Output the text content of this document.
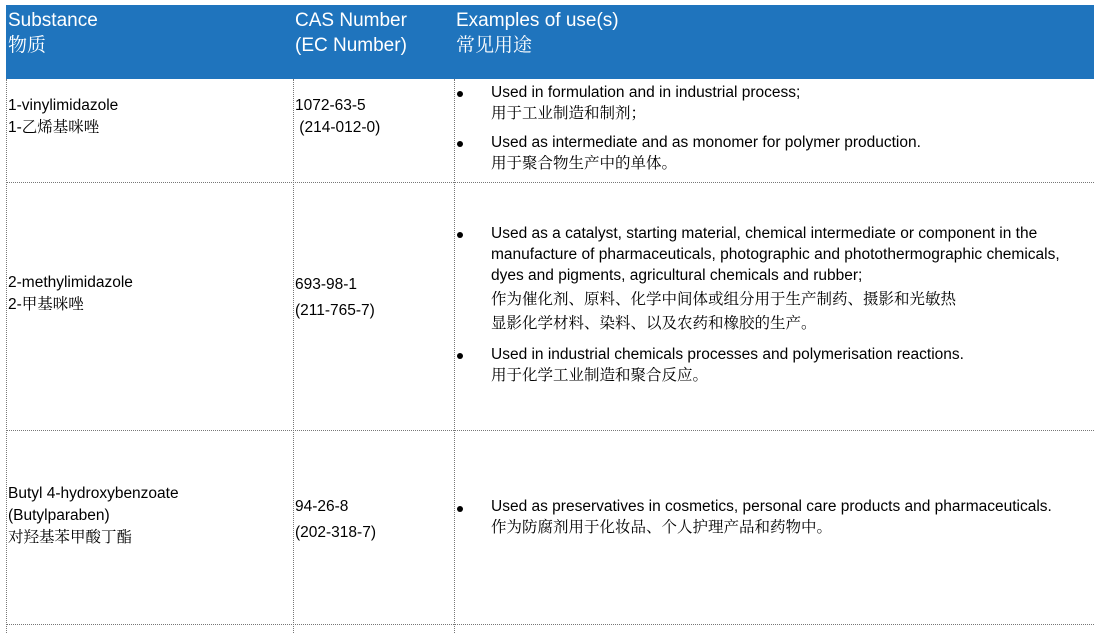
Substance
物质
CAS Number
(EC Number)
Examples of use(s)
常见用途
1-vinylimidazole
1-乙烯基咪唑
1072-63-5
(214-012-0)
Used in formulation and in industrial process;
用于工业制造和制剂；
Used as intermediate and as monomer for polymer production.
用于聚合物生产中的单体。
2-methylimidazole
2-甲基咪唑
693-98-1
(211-765-7)
Used as a catalyst, starting material, chemical intermediate or component in the
manufacture of pharmaceuticals, photographic and photothermographic chemicals,
dyes and pigments, agricultural chemicals and rubber;
作为催化剂、原料、化学中间体或组分用于生产制药、摄影和光敏热
显影化学材料、染料、以及农药和橡胶的生产。
Used in industrial chemicals processes and polymerisation reactions.
用于化学工业制造和聚合反应。
Butyl 4-hydroxybenzoate
(Butylparaben)
对羟基苯甲酸丁酯
94-26-8
(202-318-7)
Used as preservatives in cosmetics, personal care products and pharmaceuticals.
作为防腐剂用于化妆品、个人护理产品和药物中。
